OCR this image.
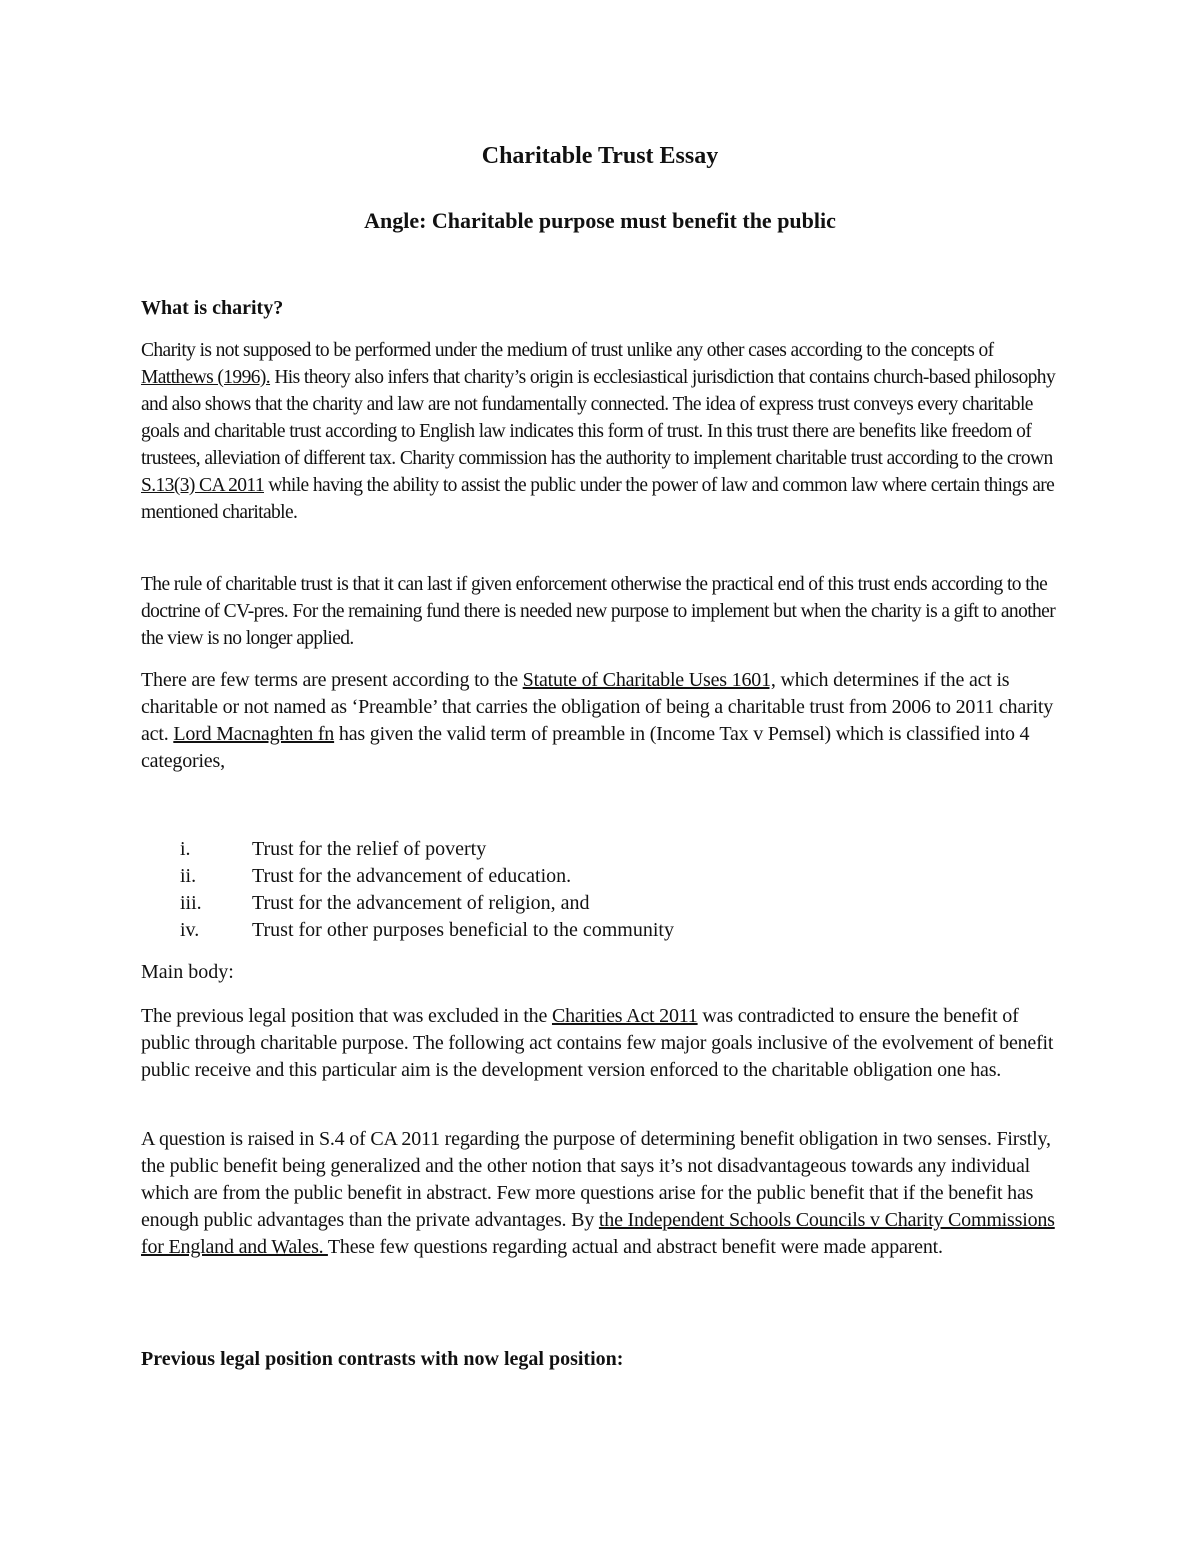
Charitable Trust Essay
Angle: Charitable purpose must benefit the public
What is charity?

Charity is not supposed to be performed under the medium of trust unlike any other cases according to the concepts of Matthews (1996). His theory also infers that charity’s origin is ecclesiastical jurisdiction that contains church-based philosophy and also shows that the charity and law are not fundamentally connected. The idea of express trust conveys every charitable goals and charitable trust according to English law indicates this form of trust. In this trust there are benefits like freedom of trustees, alleviation of different tax. Charity commission has the authority to implement charitable trust according to the crown S.13(3) CA 2011 while having the ability to assist the public under the power of law and common law where certain things are mentioned charitable.

The rule of charitable trust is that it can last if given enforcement otherwise the practical end of this trust ends according to the doctrine of CV-pres. For the remaining fund there is needed new purpose to implement but when the charity is a gift to another the view is no longer applied.

There are few terms are present according to the Statute of Charitable Uses 1601, which determines if the act is charitable or not named as ‘Preamble’ that carries the obligation of being a charitable trust from 2006 to 2011 charity act. Lord Macnaghten fn has given the valid term of preamble in (Income Tax v Pemsel) which is classified into 4 categories,

i.	Trust for the relief of poverty
ii.	Trust for the advancement of education.
iii.	Trust for the advancement of religion, and
iv.	Trust for other purposes beneficial to the community
Main body:

The previous legal position that was excluded in the Charities Act 2011 was contradicted to ensure the benefit of public through charitable purpose. The following act contains few major goals inclusive of the evolvement of benefit public receive and this particular aim is the development version enforced to the charitable obligation one has.

A question is raised in S.4 of CA 2011 regarding the purpose of determining benefit obligation in two senses. Firstly, the public benefit being generalized and the other notion that says it’s not disadvantageous towards any individual which are from the public benefit in abstract. Few more questions arise for the public benefit that if the benefit has enough public advantages than the private advantages. By the Independent Schools Councils v Charity Commissions for England and Wales. These few questions regarding actual and abstract benefit were made apparent.

Previous legal position contrasts with now legal position:
